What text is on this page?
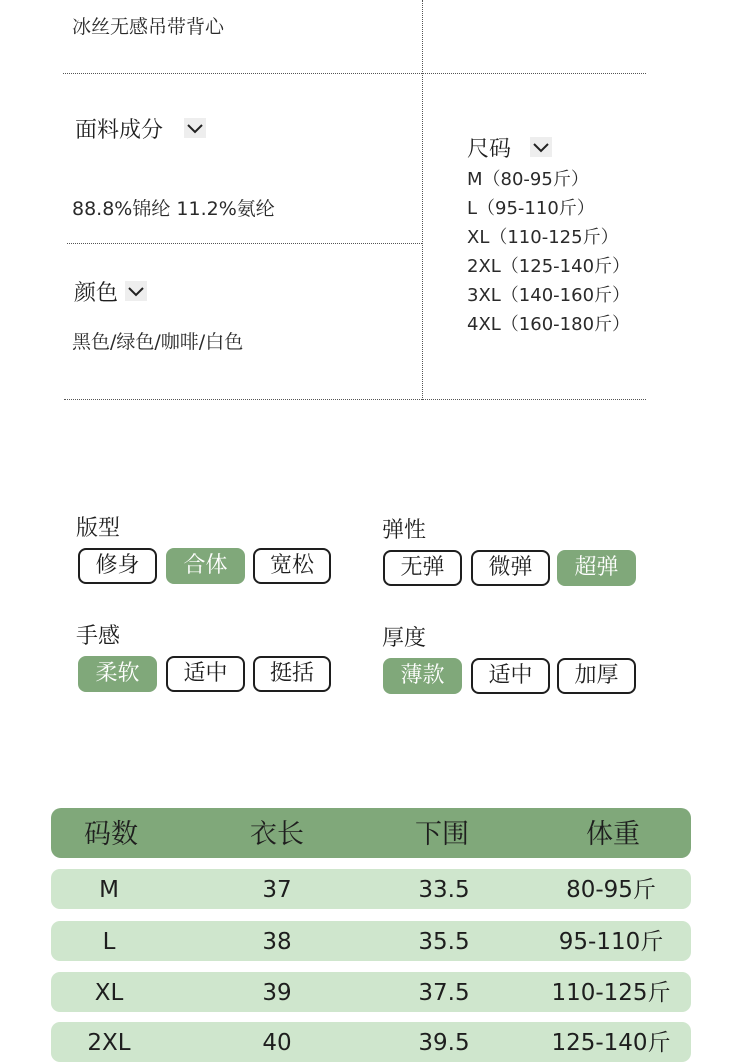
冰丝无感吊带背心
面料成分
88.8%锦纶 11.2%氨纶
颜色
黑色/绿色/咖啡/白色
尺码
M（80-95斤）
L（95-110斤）
XL（110-125斤）
2XL（125-140斤）
3XL（140-160斤）
4XL（160-180斤）
版型
修身	合体	宽松
弹性
无弹	微弹	超弹
手感
柔软	适中	挺括
厚度
薄款	适中	加厚
码数	衣长	下围	体重
M	37	33.5	80-95斤
L	38	35.5	95-110斤
XL	39	37.5	110-125斤
2XL	40	39.5	125-140斤
